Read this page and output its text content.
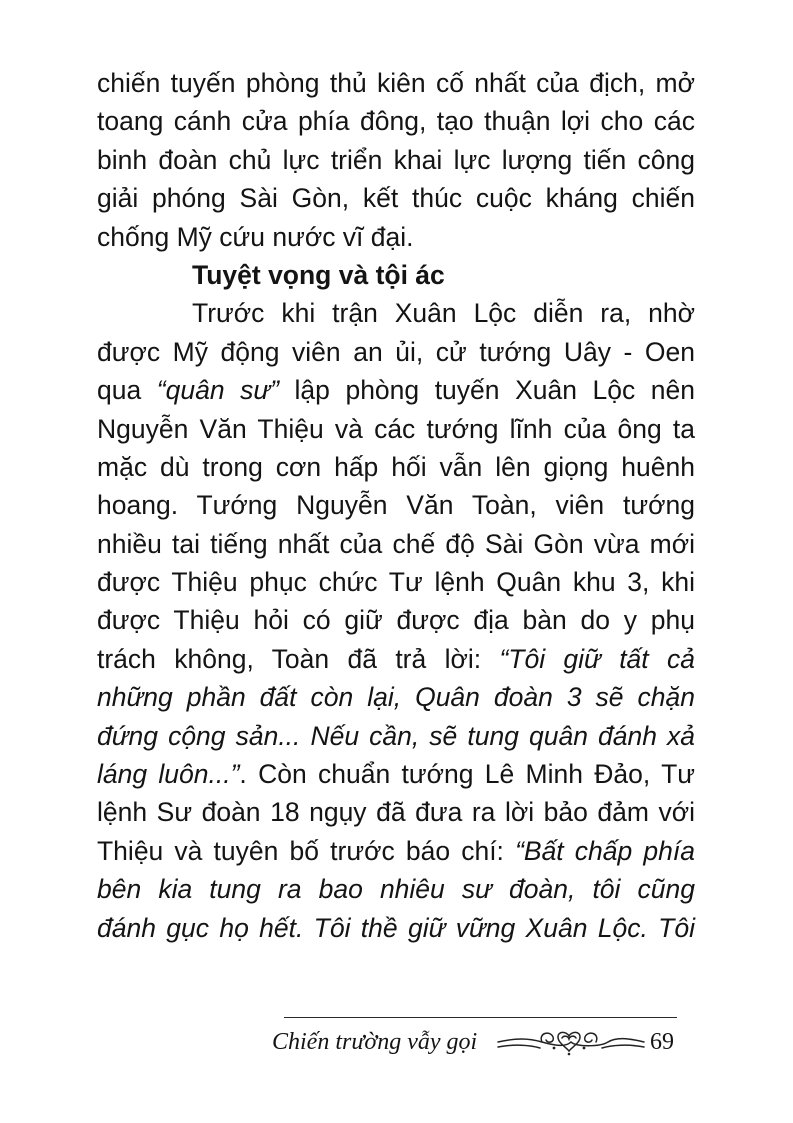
chiến tuyến phòng thủ kiên cố nhất của địch, mở
toang cánh cửa phía đông, tạo thuận lợi cho các
binh đoàn chủ lực triển khai lực lượng tiến công
giải phóng Sài Gòn, kết thúc cuộc kháng chiến
chống Mỹ cứu nước vĩ đại.
Tuyệt vọng và tội ác
Trước khi trận Xuân Lộc diễn ra, nhờ
được Mỹ động viên an ủi, cử tướng Uây - Oen
qua “quân sư” lập phòng tuyến Xuân Lộc nên
Nguyễn Văn Thiệu và các tướng lĩnh của ông ta
mặc dù trong cơn hấp hối vẫn lên giọng huênh
hoang. Tướng Nguyễn Văn Toàn, viên tướng
nhiều tai tiếng nhất của chế độ Sài Gòn vừa mới
được Thiệu phục chức Tư lệnh Quân khu 3, khi
được Thiệu hỏi có giữ được địa bàn do y phụ
trách không, Toàn đã trả lời: “Tôi giữ tất cả
những phần đất còn lại, Quân đoàn 3 sẽ chặn
đứng cộng sản... Nếu cần, sẽ tung quân đánh xả
láng luôn...”. Còn chuẩn tướng Lê Minh Đảo, Tư
lệnh Sư đoàn 18 ngụy đã đưa ra lời bảo đảm với
Thiệu và tuyên bố trước báo chí: “Bất chấp phía
bên kia tung ra bao nhiêu sư đoàn, tôi cũng
đánh gục họ hết. Tôi thề giữ vững Xuân Lộc. Tôi
Chiến trường vẫy gọi	69
